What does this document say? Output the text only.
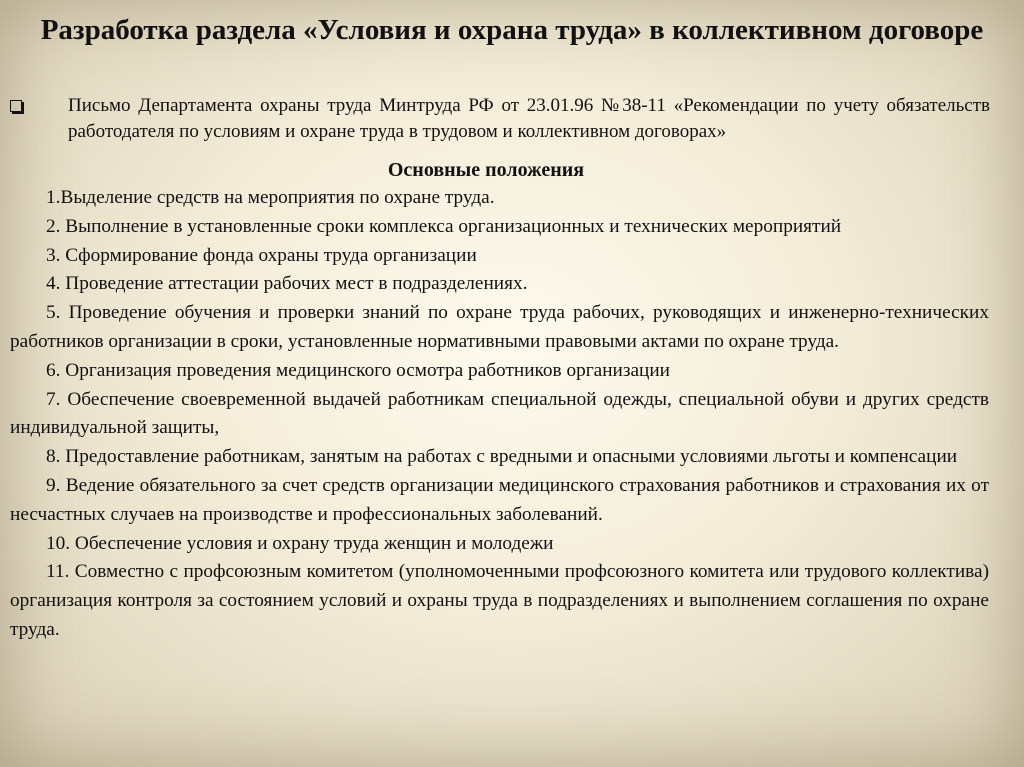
Разработка раздела «Условия и охрана труда» в коллективном договоре
Письмо Департамента охраны труда Минтруда РФ от 23.01.96 №38-11 «Рекомендации по учету обязательств работодателя по условиям и охране труда в трудовом и коллективном договорах»
Основные положения

1.Выделение средств на мероприятия по охране труда.

2. Выполнение в установленные сроки комплекса организационных и технических мероприятий

3. Сформирование фонда охраны труда организации

4. Проведение аттестации рабочих мест в подразделениях.

5. Проведение обучения и проверки знаний по охране труда рабочих, руководящих и инженерно-технических работников организации в сроки, установленные нормативными правовыми актами по охране труда.

6. Организация проведения медицинского осмотра работников организации

7. Обеспечение своевременной выдачей работникам специальной одежды, специальной обуви и других средств индивидуальной защиты,

8. Предоставление работникам, занятым на работах с вредными и опасными условиями льготы и компенсации

9. Ведение обязательного за счет средств организации медицинского страхования работников и страхования их от несчастных случаев на производстве и профессиональных заболеваний.

10. Обеспечение условия и охрану труда женщин и молодежи

11. Совместно с профсоюзным комитетом (уполномоченными профсоюзного комитета или трудового коллектива) организация контроля за состоянием условий и охраны труда в подразделениях и выполнением соглашения по охране труда.
